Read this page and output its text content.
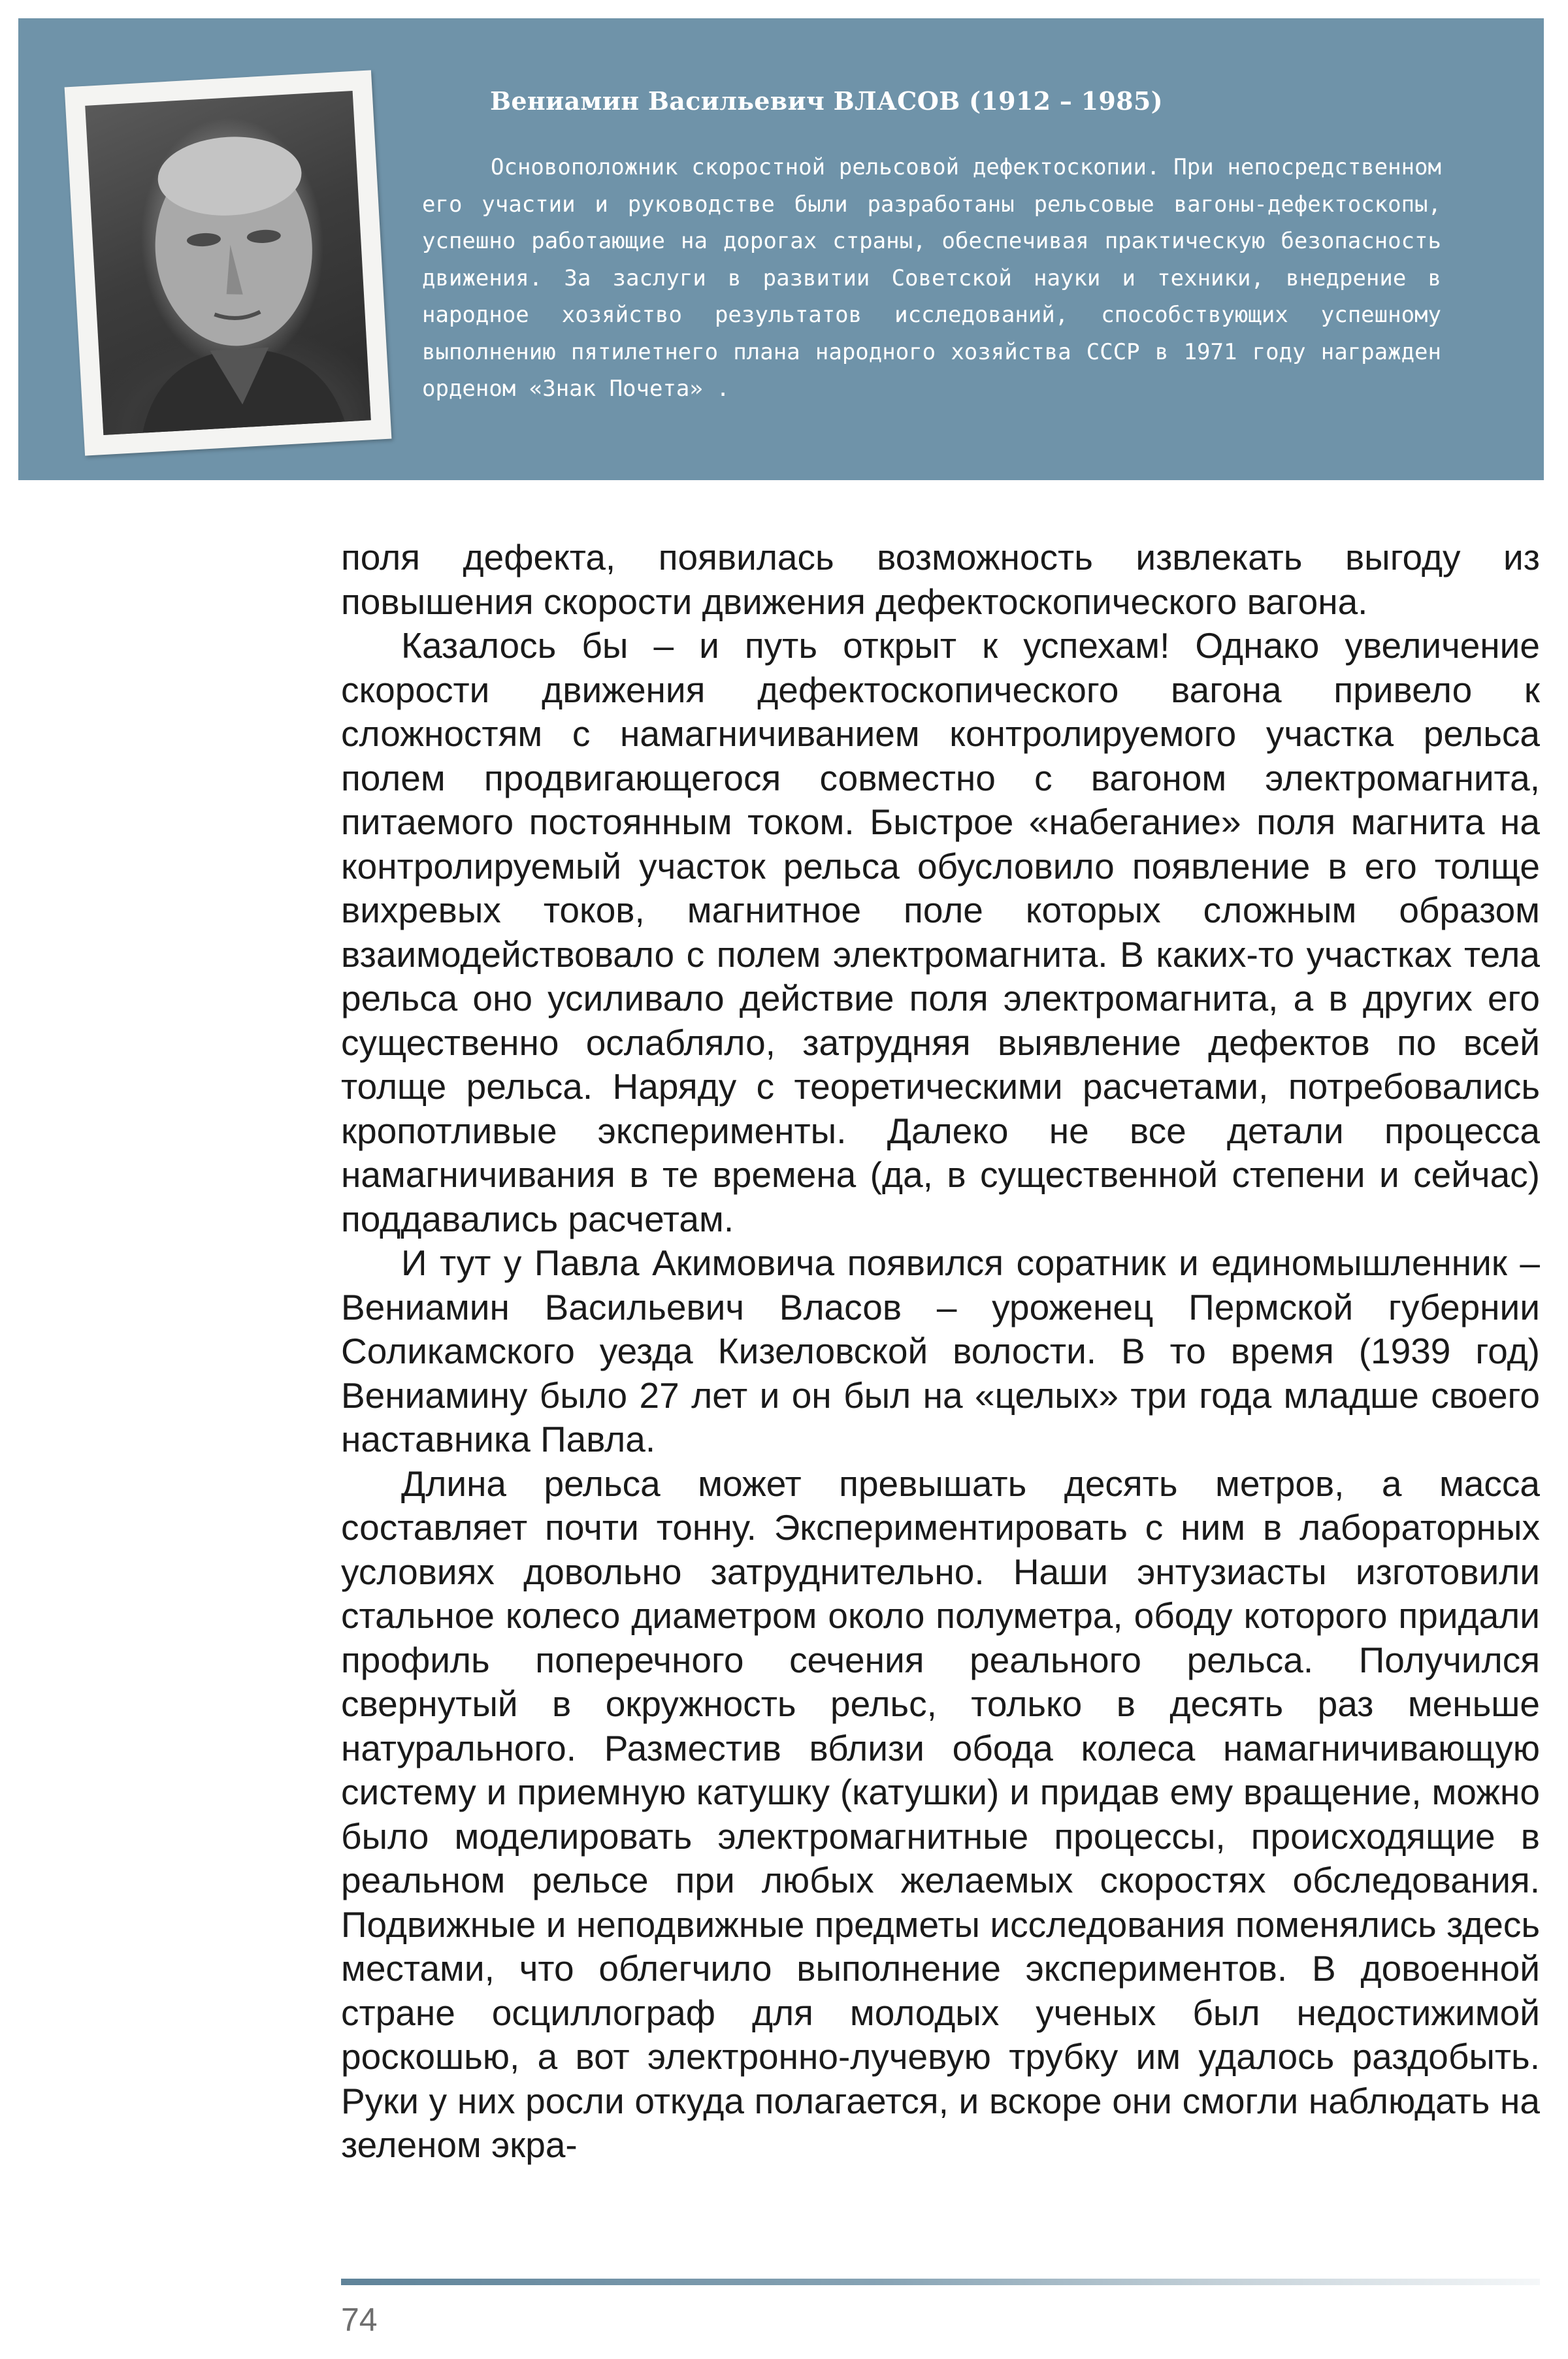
Вениамин Васильевич ВЛАСОВ (1912 – 1985)

Основоположник скоростной рельсовой дефектоскопии. При непосредственном его участии и руководстве были разработаны рельсовые вагоны-дефектоскопы, успешно работающие на дорогах страны, обеспечивая практическую безопасность движения. За заслуги в развитии Советской науки и техники, внедрение в народное хозяйство результатов исследований, способствующих успешному выполнению пятилетнего плана народного хозяйства СССР в 1971 году награжден орденом «Знак Почета» .

поля дефекта, появилась возможность извлекать выгоду из повышения скорости движения дефектоскопического вагона.

Казалось бы – и путь открыт к успехам! Однако увеличение скорости движения дефектоскопического вагона привело к сложностям с намагничиванием контролируемого участка рельса полем продвигающегося совместно с вагоном электромагнита, питаемого постоянным током. Быстрое «набегание» поля магнита на контролируемый участок рельса обусловило появление в его толще вихревых токов, магнитное поле которых сложным образом взаимодействовало с полем электромагнита. В каких-то участках тела рельса оно усиливало действие поля электромагнита, а в других его существенно ослабляло, затрудняя выявление дефектов по всей толще рельса. Наряду с теоретическими расчетами, потребовались кропотливые эксперименты. Далеко не все детали процесса намагничивания в те времена (да, в существенной степени и сейчас) поддавались расчетам.

И тут у Павла Акимовича появился соратник и единомышленник – Вениамин Васильевич Власов – уроженец Пермской губернии Соликамского уезда Кизеловской волости. В то время (1939 год) Вениамину было 27 лет и он был на «целых» три года младше своего наставника Павла.

Длина рельса может превышать десять метров, а масса составляет почти тонну. Экспериментировать с ним в лабораторных условиях довольно затруднительно. Наши энтузиасты изготовили стальное колесо диаметром около полуметра, ободу которого придали профиль поперечного сечения реального рельса. Получился свернутый в окружность рельс, только в десять раз меньше натурального. Разместив вблизи обода колеса намагничивающую систему и приемную катушку (катушки) и придав ему вращение, можно было моделировать электромагнитные процессы, происходящие в реальном рельсе при любых желаемых скоростях обследования. Подвижные и неподвижные предметы исследования поменялись здесь местами, что облегчило выполнение экспериментов. В довоенной стране осциллограф для молодых ученых был недостижимой роскошью, а вот электронно-лучевую трубку им удалось раздобыть. Руки у них росли откуда полагается, и вскоре они смогли наблюдать на зеленом экра-

74
